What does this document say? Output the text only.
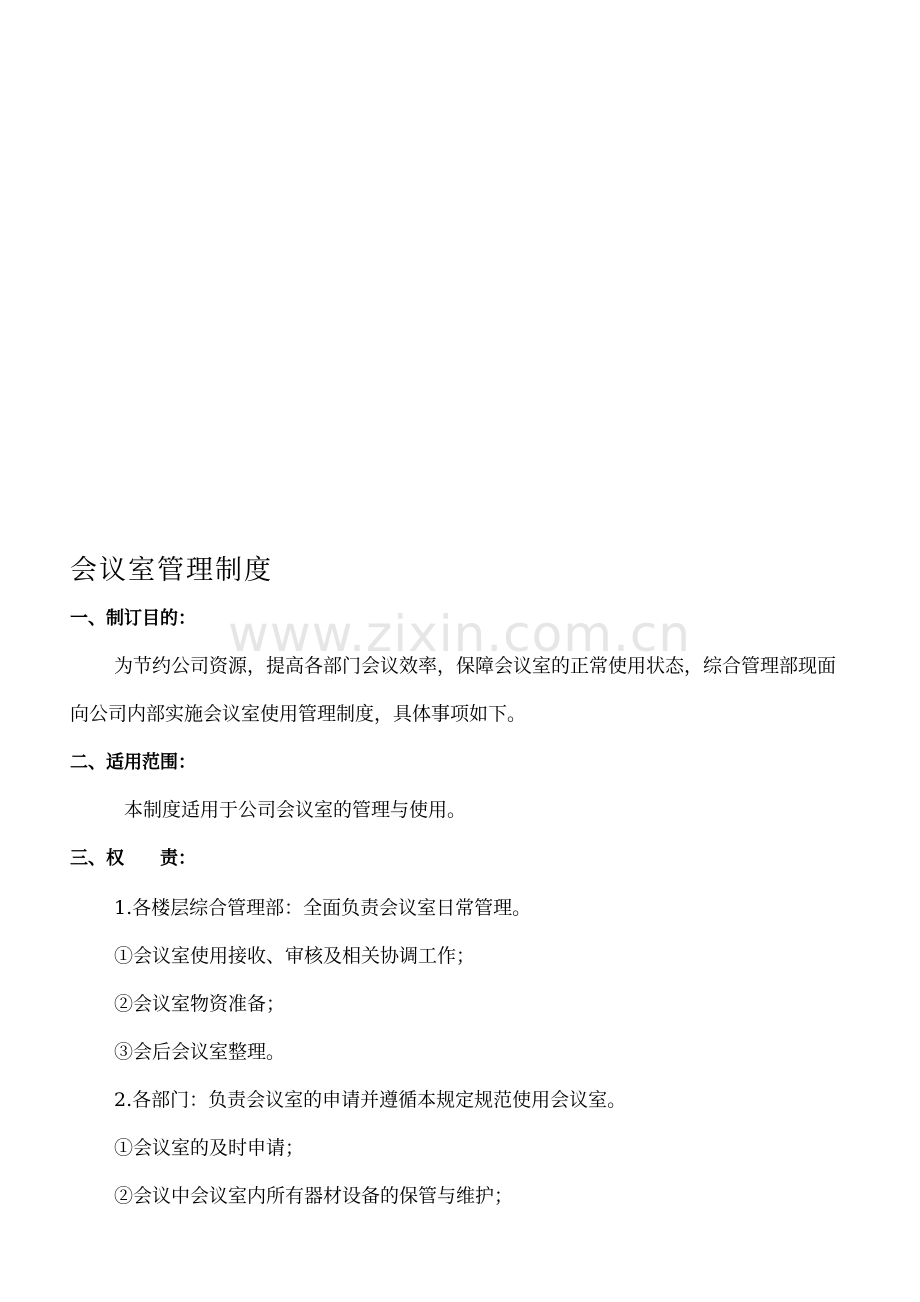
www.zixin.com.cn
会议室管理制度
一、制订目的：
为节约公司资源，提高各部门会议效率，保障会议室的正常使用状态，综合管理部现面向公司内部实施会议室使用管理制度，具体事项如下。
二、适用范围：
本制度适用于公司会议室的管理与使用。
三、权　　责：
1.各楼层综合管理部：全面负责会议室日常管理。
①会议室使用接收、审核及相关协调工作；
②会议室物资准备；
③会后会议室整理。
2.各部门：负责会议室的申请并遵循本规定规范使用会议室。
①会议室的及时申请；
②会议中会议室内所有器材设备的保管与维护；
